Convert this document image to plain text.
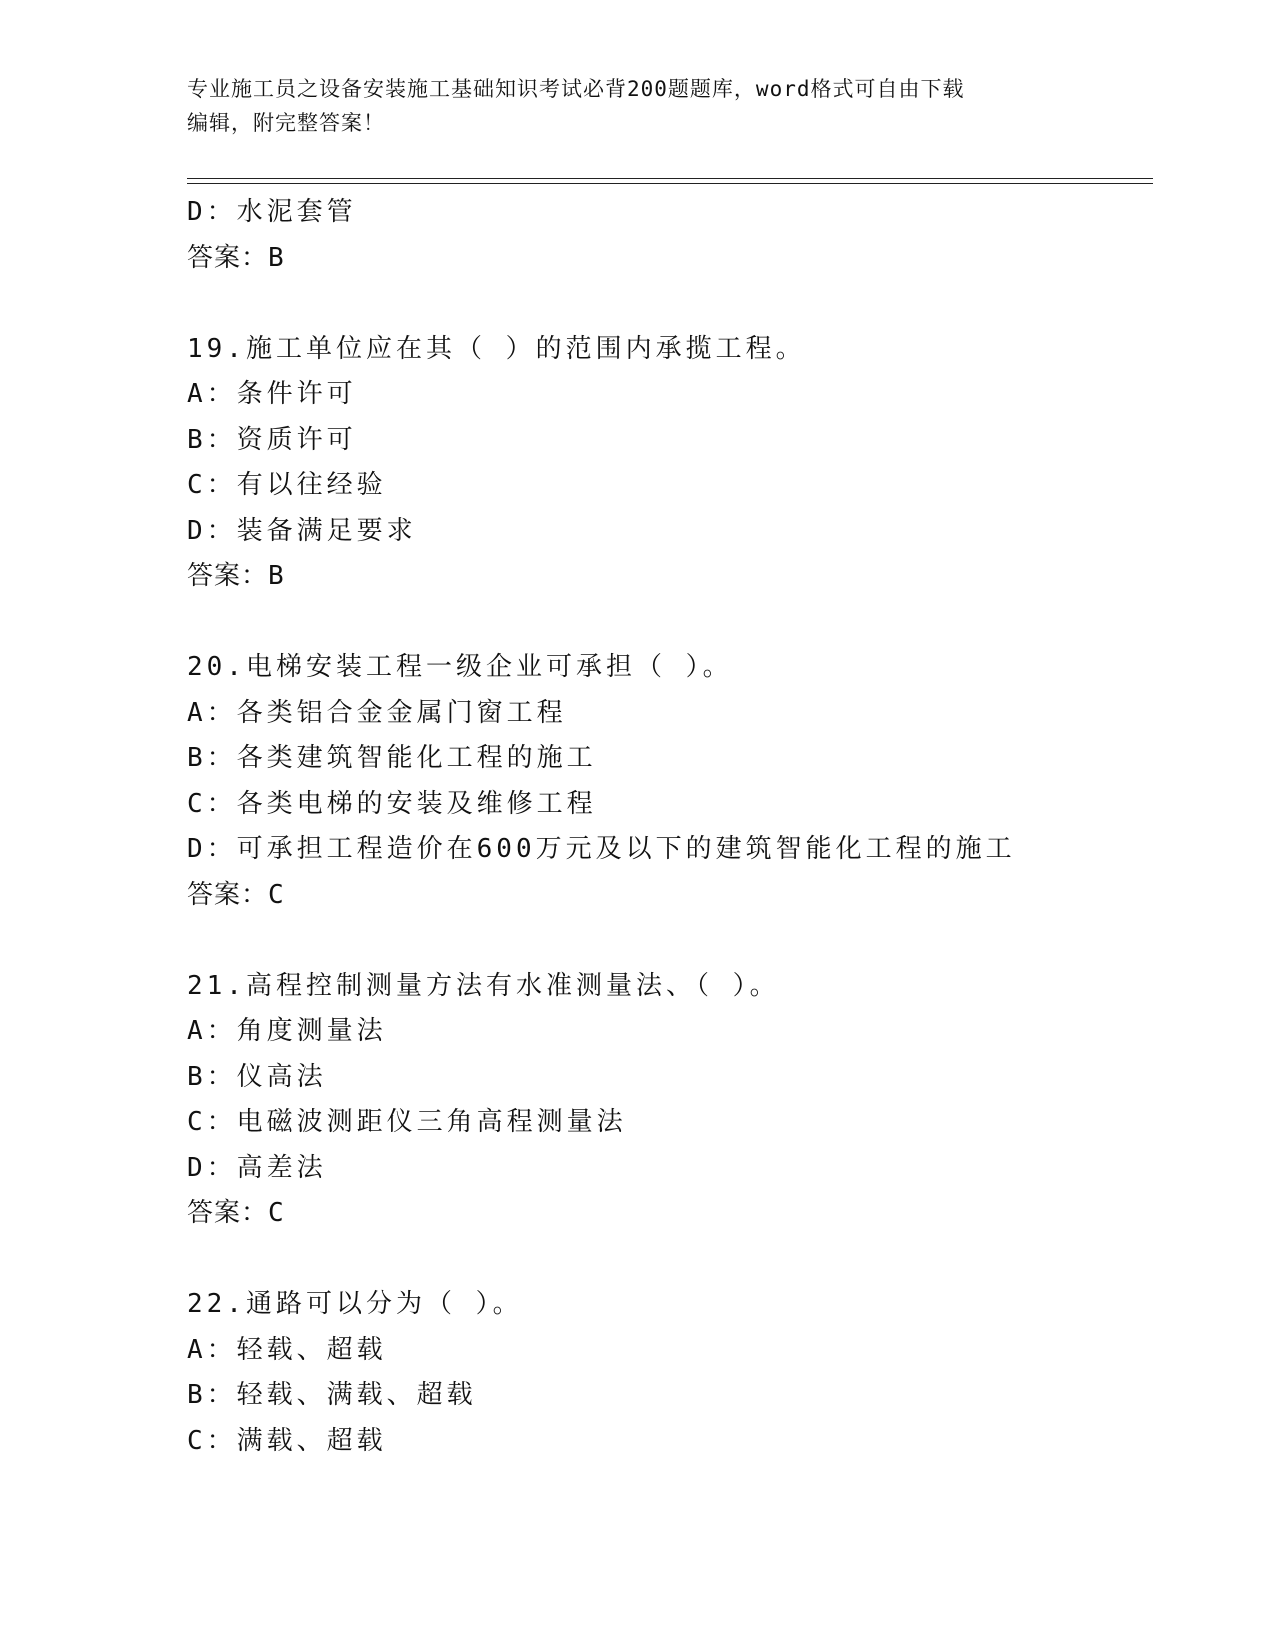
专业施工员之设备安装施工基础知识考试必背200题题库，word格式可自由下载
编辑，附完整答案！
D：水泥套管
答案：B
19.施工单位应在其（ ）的范围内承揽工程。
A：条件许可
B：资质许可
C：有以往经验
D：装备满足要求
答案：B
20.电梯安装工程一级企业可承担（ ）。
A：各类铝合金金属门窗工程
B：各类建筑智能化工程的施工
C：各类电梯的安装及维修工程
D：可承担工程造价在600万元及以下的建筑智能化工程的施工
答案：C
21.高程控制测量方法有水准测量法、（ ）。
A：角度测量法
B：仪高法
C：电磁波测距仪三角高程测量法
D：高差法
答案：C
22.通路可以分为（ ）。
A：轻载、超载
B：轻载、满载、超载
C：满载、超载
